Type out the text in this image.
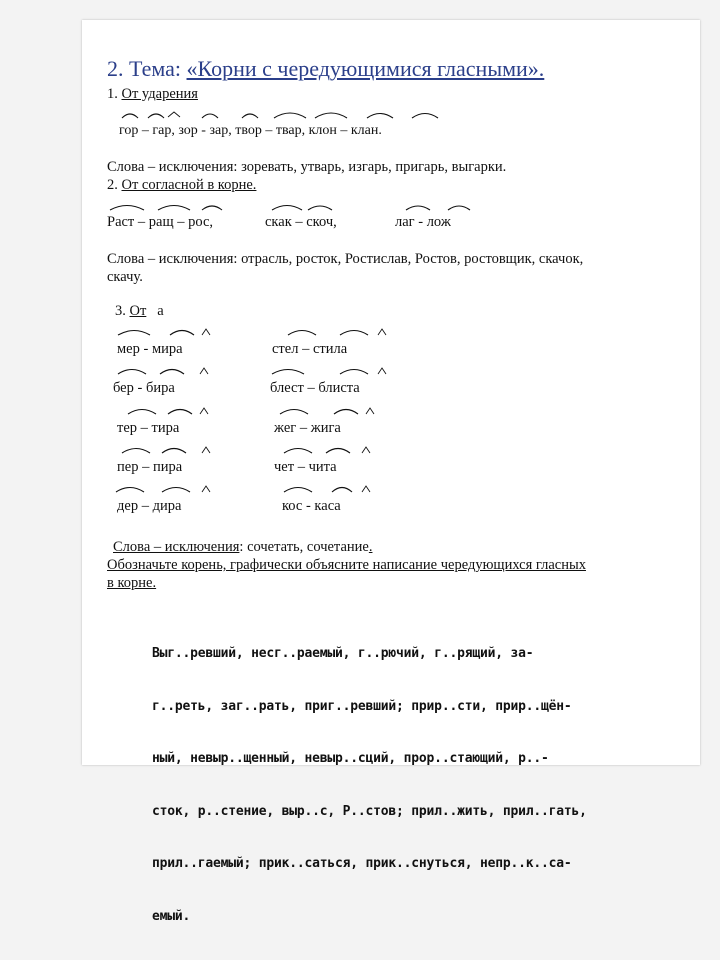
2. Тема: «Корни с чередующимися гласными».
1. От ударения
гор – гар, зор - зар, твор – твар, клон – клан.
Слова – исключения: зоревать, утварь, изгарь, пригарь, выгарки.
2. От согласной в корне.
Раст – ращ – рос,	скак – скоч,	лаг - лож
Слова – исключения: отрасль, росток, Ростислав, Ростов, ростовщик, скачок,
скачу.
3. От а
мер - мира
бер - бира
тер – тира
пер – пира
дер – дира
стел – стила
блест – блиста
жег – жига
чет – чита
кос - каса
Слова – исключения: сочетать, сочетание.
Обозначьте корень, графически объясните написание чередующихся гласных
в корне.

Выг..ревший, несг..раемый, г..рючий, г..рящий, за-

г..реть, заг..рать, приг..ревший; прир..сти, прир..щён-

ный, невыр..щенный, невыр..сций, прор..стающий, р..-

сток, р..стение, выр..с, Р..стов; прил..жить, прил..гать,

прил..гаемый; прик..саться, прик..снуться, непр..к..са-

емый.
